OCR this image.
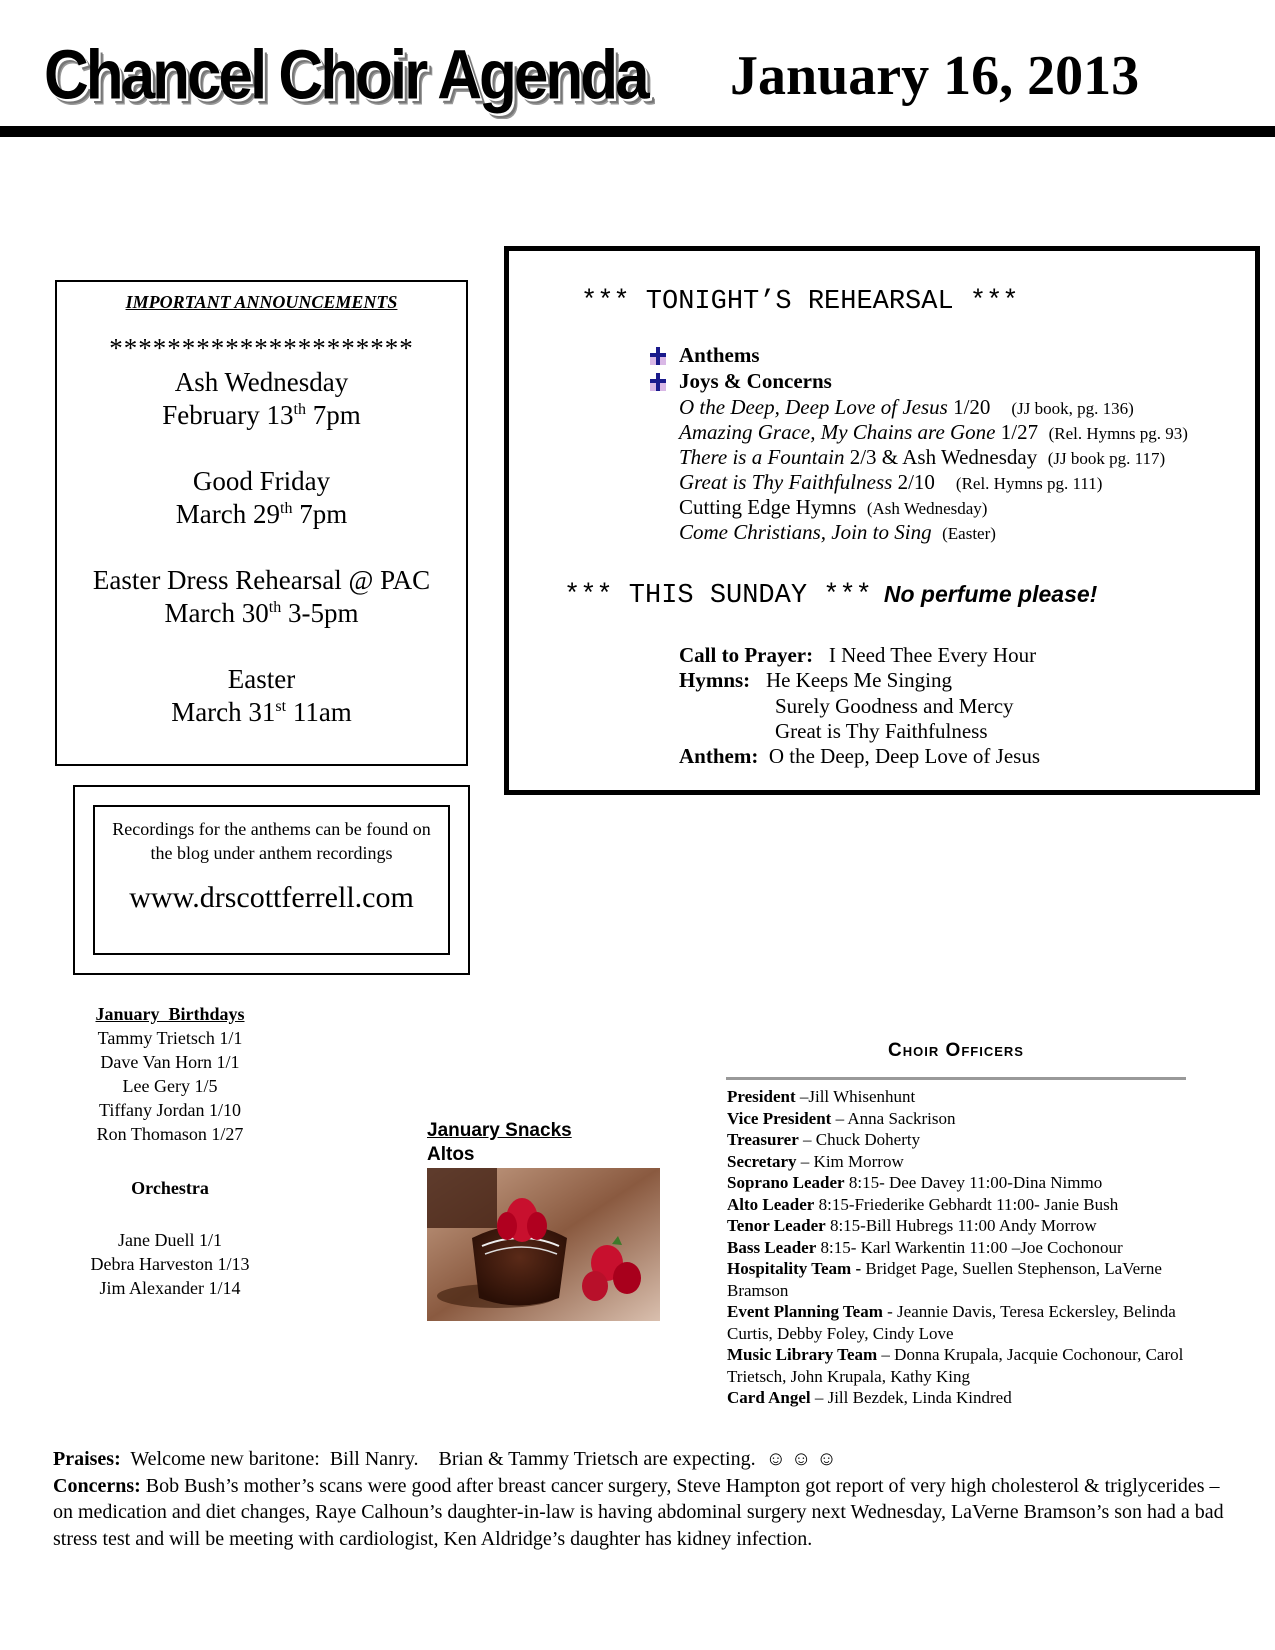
Chancel Choir Agenda January 16, 2013
IMPORTANT ANNOUNCEMENTS
*********************
Ash Wednesday
February 13th 7pm
Good Friday
March 29th 7pm
Easter Dress Rehearsal @ PAC
March 30th 3-5pm
Easter
March 31st 11am
Recordings for the anthems can be found on the blog under anthem recordings
www.drscottferrell.com
*** TONIGHT’S REHEARSAL ***
Anthems
Joys & Concerns
O the Deep, Deep Love of Jesus 1/20 (JJ book, pg. 136)
Amazing Grace, My Chains are Gone 1/27 (Rel. Hymns pg. 93)
There is a Fountain 2/3 & Ash Wednesday (JJ book pg. 117)
Great is Thy Faithfulness 2/10 (Rel. Hymns pg. 111)
Cutting Edge Hymns (Ash Wednesday)
Come Christians, Join to Sing (Easter)
*** THIS SUNDAY *** No perfume please!
Call to Prayer: I Need Thee Every Hour
Hymns: He Keeps Me Singing
Surely Goodness and Mercy
Great is Thy Faithfulness
Anthem: O the Deep, Deep Love of Jesus
January  Birthdays
Tammy Trietsch 1/1
Dave Van Horn 1/1
Lee Gery 1/5
Tiffany Jordan 1/10
Ron Thomason 1/27
Orchestra
Jane Duell 1/1
Debra Harveston 1/13
Jim Alexander 1/14
January Snacks
Altos
Choir Officers
President –Jill Whisenhunt
Vice President – Anna Sackrison
Treasurer – Chuck Doherty
Secretary – Kim Morrow
Soprano Leader 8:15- Dee Davey 11:00-Dina Nimmo
Alto Leader 8:15-Friederike Gebhardt 11:00- Janie Bush
Tenor Leader 8:15-Bill Hubregs 11:00 Andy Morrow
Bass Leader 8:15- Karl Warkentin 11:00 –Joe Cochonour
Hospitality Team - Bridget Page, Suellen Stephenson, LaVerne Bramson
Event Planning Team - Jeannie Davis, Teresa Eckersley, Belinda Curtis, Debby Foley, Cindy Love
Music Library Team – Donna Krupala, Jacquie Cochonour, Carol Trietsch, John Krupala, Kathy King
Card Angel – Jill Bezdek, Linda Kindred
Praises:  Welcome new baritone:  Bill Nanry.    Brian & Tammy Trietsch are expecting.  ☺ ☺ ☺
Concerns: Bob Bush’s mother’s scans were good after breast cancer surgery, Steve Hampton got report of very high cholesterol & triglycerides – on medication and diet changes, Raye Calhoun’s daughter-in-law is having abdominal surgery next Wednesday, LaVerne Bramson’s son had a bad stress test and will be meeting with cardiologist, Ken Aldridge’s daughter has kidney infection.
